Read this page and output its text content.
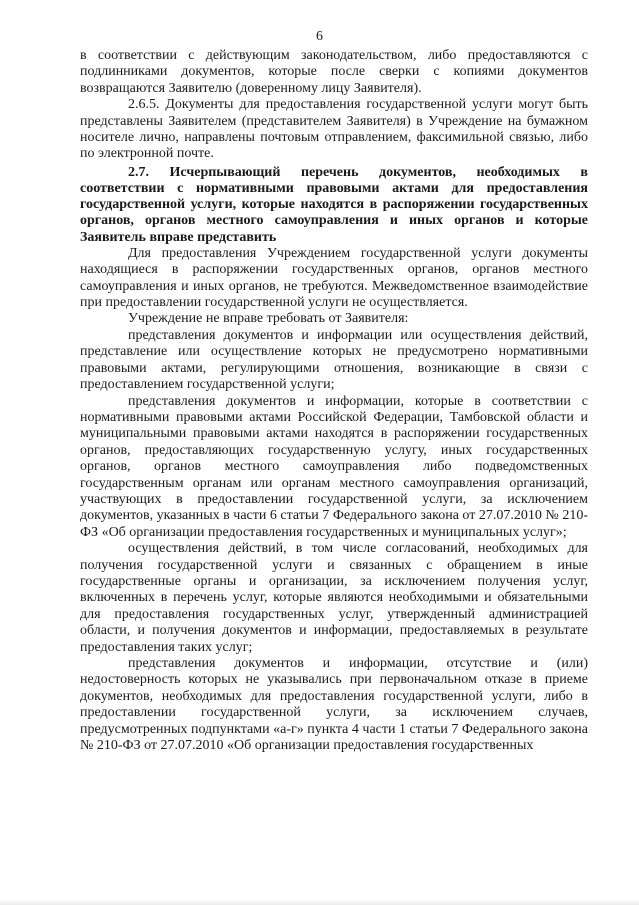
6

в соответствии с действующим законодательством, либо предоставляются с подлинниками документов, которые после сверки с копиями документов возвращаются Заявителю (доверенному лицу Заявителя).

2.6.5. Документы для предоставления государственной услуги могут быть представлены Заявителем (представителем Заявителя) в Учреждение на бумажном носителе лично, направлены почтовым отправлением, факсимильной связью, либо по электронной почте.

2.7. Исчерпывающий перечень документов, необходимых в соответствии с нормативными правовыми актами для предоставления государственной услуги, которые находятся в распоряжении государственных органов, органов местного самоуправления и иных органов и которые Заявитель вправе представить

Для предоставления Учреждением государственной услуги документы находящиеся в распоряжении государственных органов, органов местного самоуправления и иных органов, не требуются. Межведомственное взаимодействие при предоставлении государственной услуги не осуществляется.

Учреждение не вправе требовать от Заявителя:

представления документов и информации или осуществления действий, представление или осуществление которых не предусмотрено нормативными правовыми актами, регулирующими отношения, возникающие в связи с предоставлением государственной услуги;

представления документов и информации, которые в соответствии с нормативными правовыми актами Российской Федерации, Тамбовской области и муниципальными правовыми актами находятся в распоряжении государственных органов, предоставляющих государственную услугу, иных государственных органов, органов местного самоуправления либо подведомственных государственным органам или органам местного самоуправления организаций, участвующих в предоставлении государственной услуги, за исключением документов, указанных в части 6 статьи 7 Федерального закона от 27.07.2010 № 210-ФЗ «Об организации предоставления государственных и муниципальных услуг»;

осуществления действий, в том числе согласований, необходимых для получения государственной услуги и связанных с обращением в иные государственные органы и организации, за исключением получения услуг, включенных в перечень услуг, которые являются необходимыми и обязательными для предоставления государственных услуг, утвержденный администрацией области, и получения документов и информации, предоставляемых в результате предоставления таких услуг;

представления документов и информации, отсутствие и (или) недостоверность которых не указывались при первоначальном отказе в приеме документов, необходимых для предоставления государственной услуги, либо в предоставлении государственной услуги, за исключением случаев, предусмотренных подпунктами «а-г» пункта 4 части 1 статьи 7 Федерального закона № 210-ФЗ от 27.07.2010 «Об организации предоставления государственных
